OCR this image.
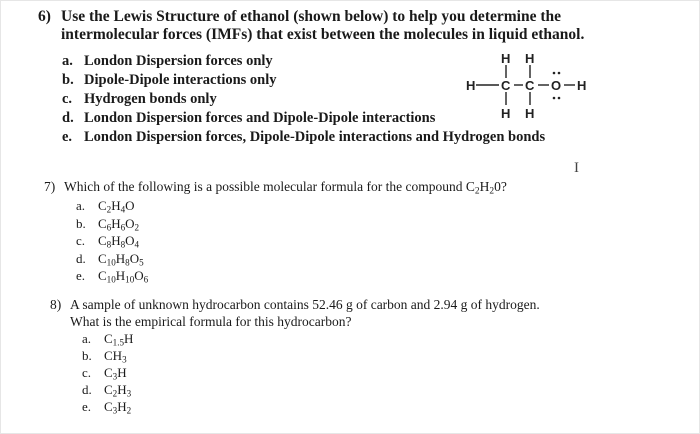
6) Use the Lewis Structure of ethanol (shown below) to help you determine the
intermolecular forces (IMFs) that exist between the molecules in liquid ethanol.
a. London Dispersion forces only
b. Dipole-Dipole interactions only
c. Hydrogen bonds only
d. London Dispersion forces and Dipole-Dipole interactions
e. London Dispersion forces, Dipole-Dipole interactions and Hydrogen bonds
H H
H C C O H
H H
I
7) Which of the following is a possible molecular formula for the compound $C_2H_20$?
a. $C_2H_4O$
b. $C_6H_6O_2$
c. $C_8H_8O_4$
d. $C_{10}H_8O_5$
e. $C_{10}H_{10}O_6$
8) A sample of unknown hydrocarbon contains 52.46 g of carbon and 2.94 g of hydrogen.
What is the empirical formula for this hydrocarbon?
a. $C_{1.5}H$
b. $CH_3$
c. $C_3H$
d. $C_2H_3$
e. $C_3H_2$
